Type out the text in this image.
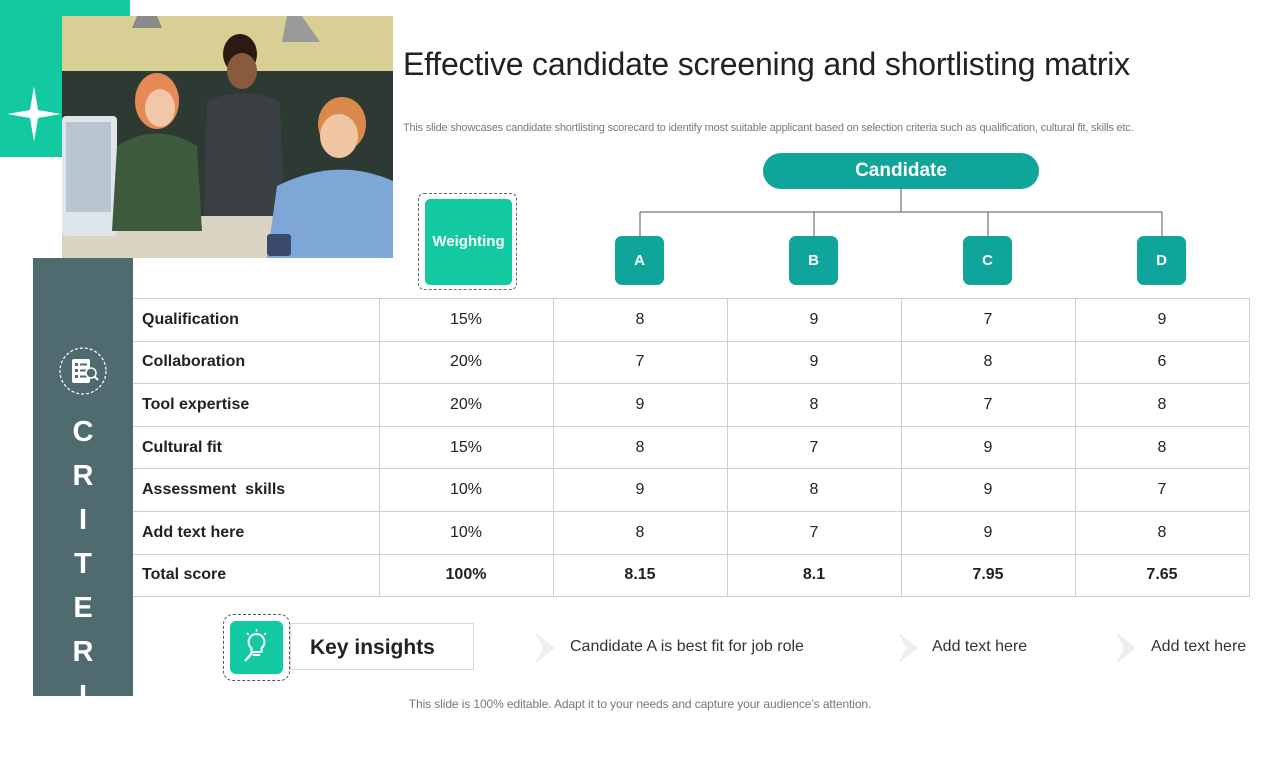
C
R
I
T
E
R
I
A
Effective candidate screening and shortlisting matrix
This slide showcases candidate shortlisting scorecard to identify most suitable applicant based on selection criteria such as qualification, cultural fit, skills etc.
Candidate
A	B	C	D
Weighting
Qualification	15%	8	9	7	9
Collaboration	20%	7	9	8	6
Tool expertise	20%	9	8	7	8
Cultural fit	15%	8	7	9	8
Assessment  skills	10%	9	8	9	7
Add text here	10%	8	7	9	8
Total score	100%	8.15	8.1	7.95	7.65
Key insights	Candidate A is best fit for job role	Add text here	Add text here
This slide is 100% editable. Adapt it to your needs and capture your audience’s attention.
